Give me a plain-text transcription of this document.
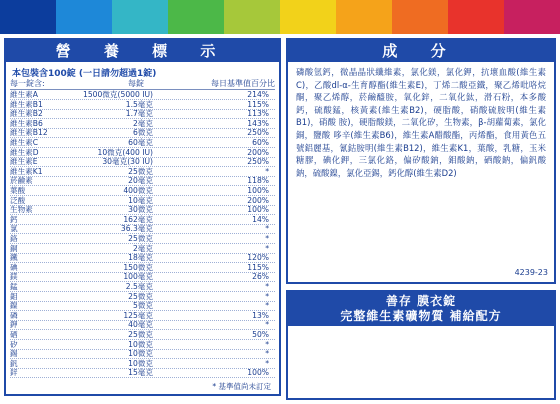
營 養 標 示
本包裝含100錠 (一日請勿超過1錠)
每一錠含:	每錠	每日基準值百分比
維生素A	1500微克(5000 IU)	214%
維生素B1	1.5毫克	115%
維生素B2	1.7毫克	113%
維生素B6	2毫克	143%
維生素B12	6微克	250%
維生素C	60毫克	60%
維生素D	10微克(400 IU)	200%
維生素E	30毫克(30 IU)	250%
維生素K1	25微克	*
菸鹼素	20毫克	118%
葉酸	400微克	100%
泛酸	10毫克	200%
生物素	30微克	100%
鈣	162毫克	14%
氯	36.3毫克	*
鉻	25微克	*
銅	2毫克	*
鐵	18毫克	120%
碘	150微克	115%
鎂	100毫克	26%
錳	2.5毫克	*
鉬	25微克	*
鎳	5微克	*
磷	125毫克	13%
鉀	40毫克	*
硒	25微克	50%
矽	10微克	*
錫	10微克	*
釩	10微克	*
鋅	15毫克	100%
* 基準值尚未訂定
成 分
磷酸氫鈣，微晶晶狀纖維素，氯化鎂，氯化鉀，抗壞血酸(維生素C)，乙酸dl-α-生育醇酯(維生素E)，丁烯二酸亞鐵，聚乙烯吡咯烷酮，聚乙烯醇，菸鹼醯胺，氧化鋅，二氧化鈦，滑石粉，本多酸鈣，硫酸錳，核黃素(維生素B2)，硬脂酸，硝酸硫胺明(維生素B1)，硝酸 胺)，硬脂酸鎂，二氧化矽，生物素，β-胡蘿蔔素，氯化銅，鹽酸 哆辛(維生素B6)，維生素A醋酸酯，丙烯酯，食用黃色五號鋁麗基，氰鈷胺明(維生素B12)，維生素K1，葉酸，乳糖，玉米糖膠，碘化鉀，三氯化鉻，偏矽酸鈉，鉬酸鈉，硒酸鈉，偏釩酸鈉，硫酸鎳，氯化亞錫，鈣化醇(維生素D2)
4239-23
善存 膜衣錠
完整維生素礦物質 補給配方
